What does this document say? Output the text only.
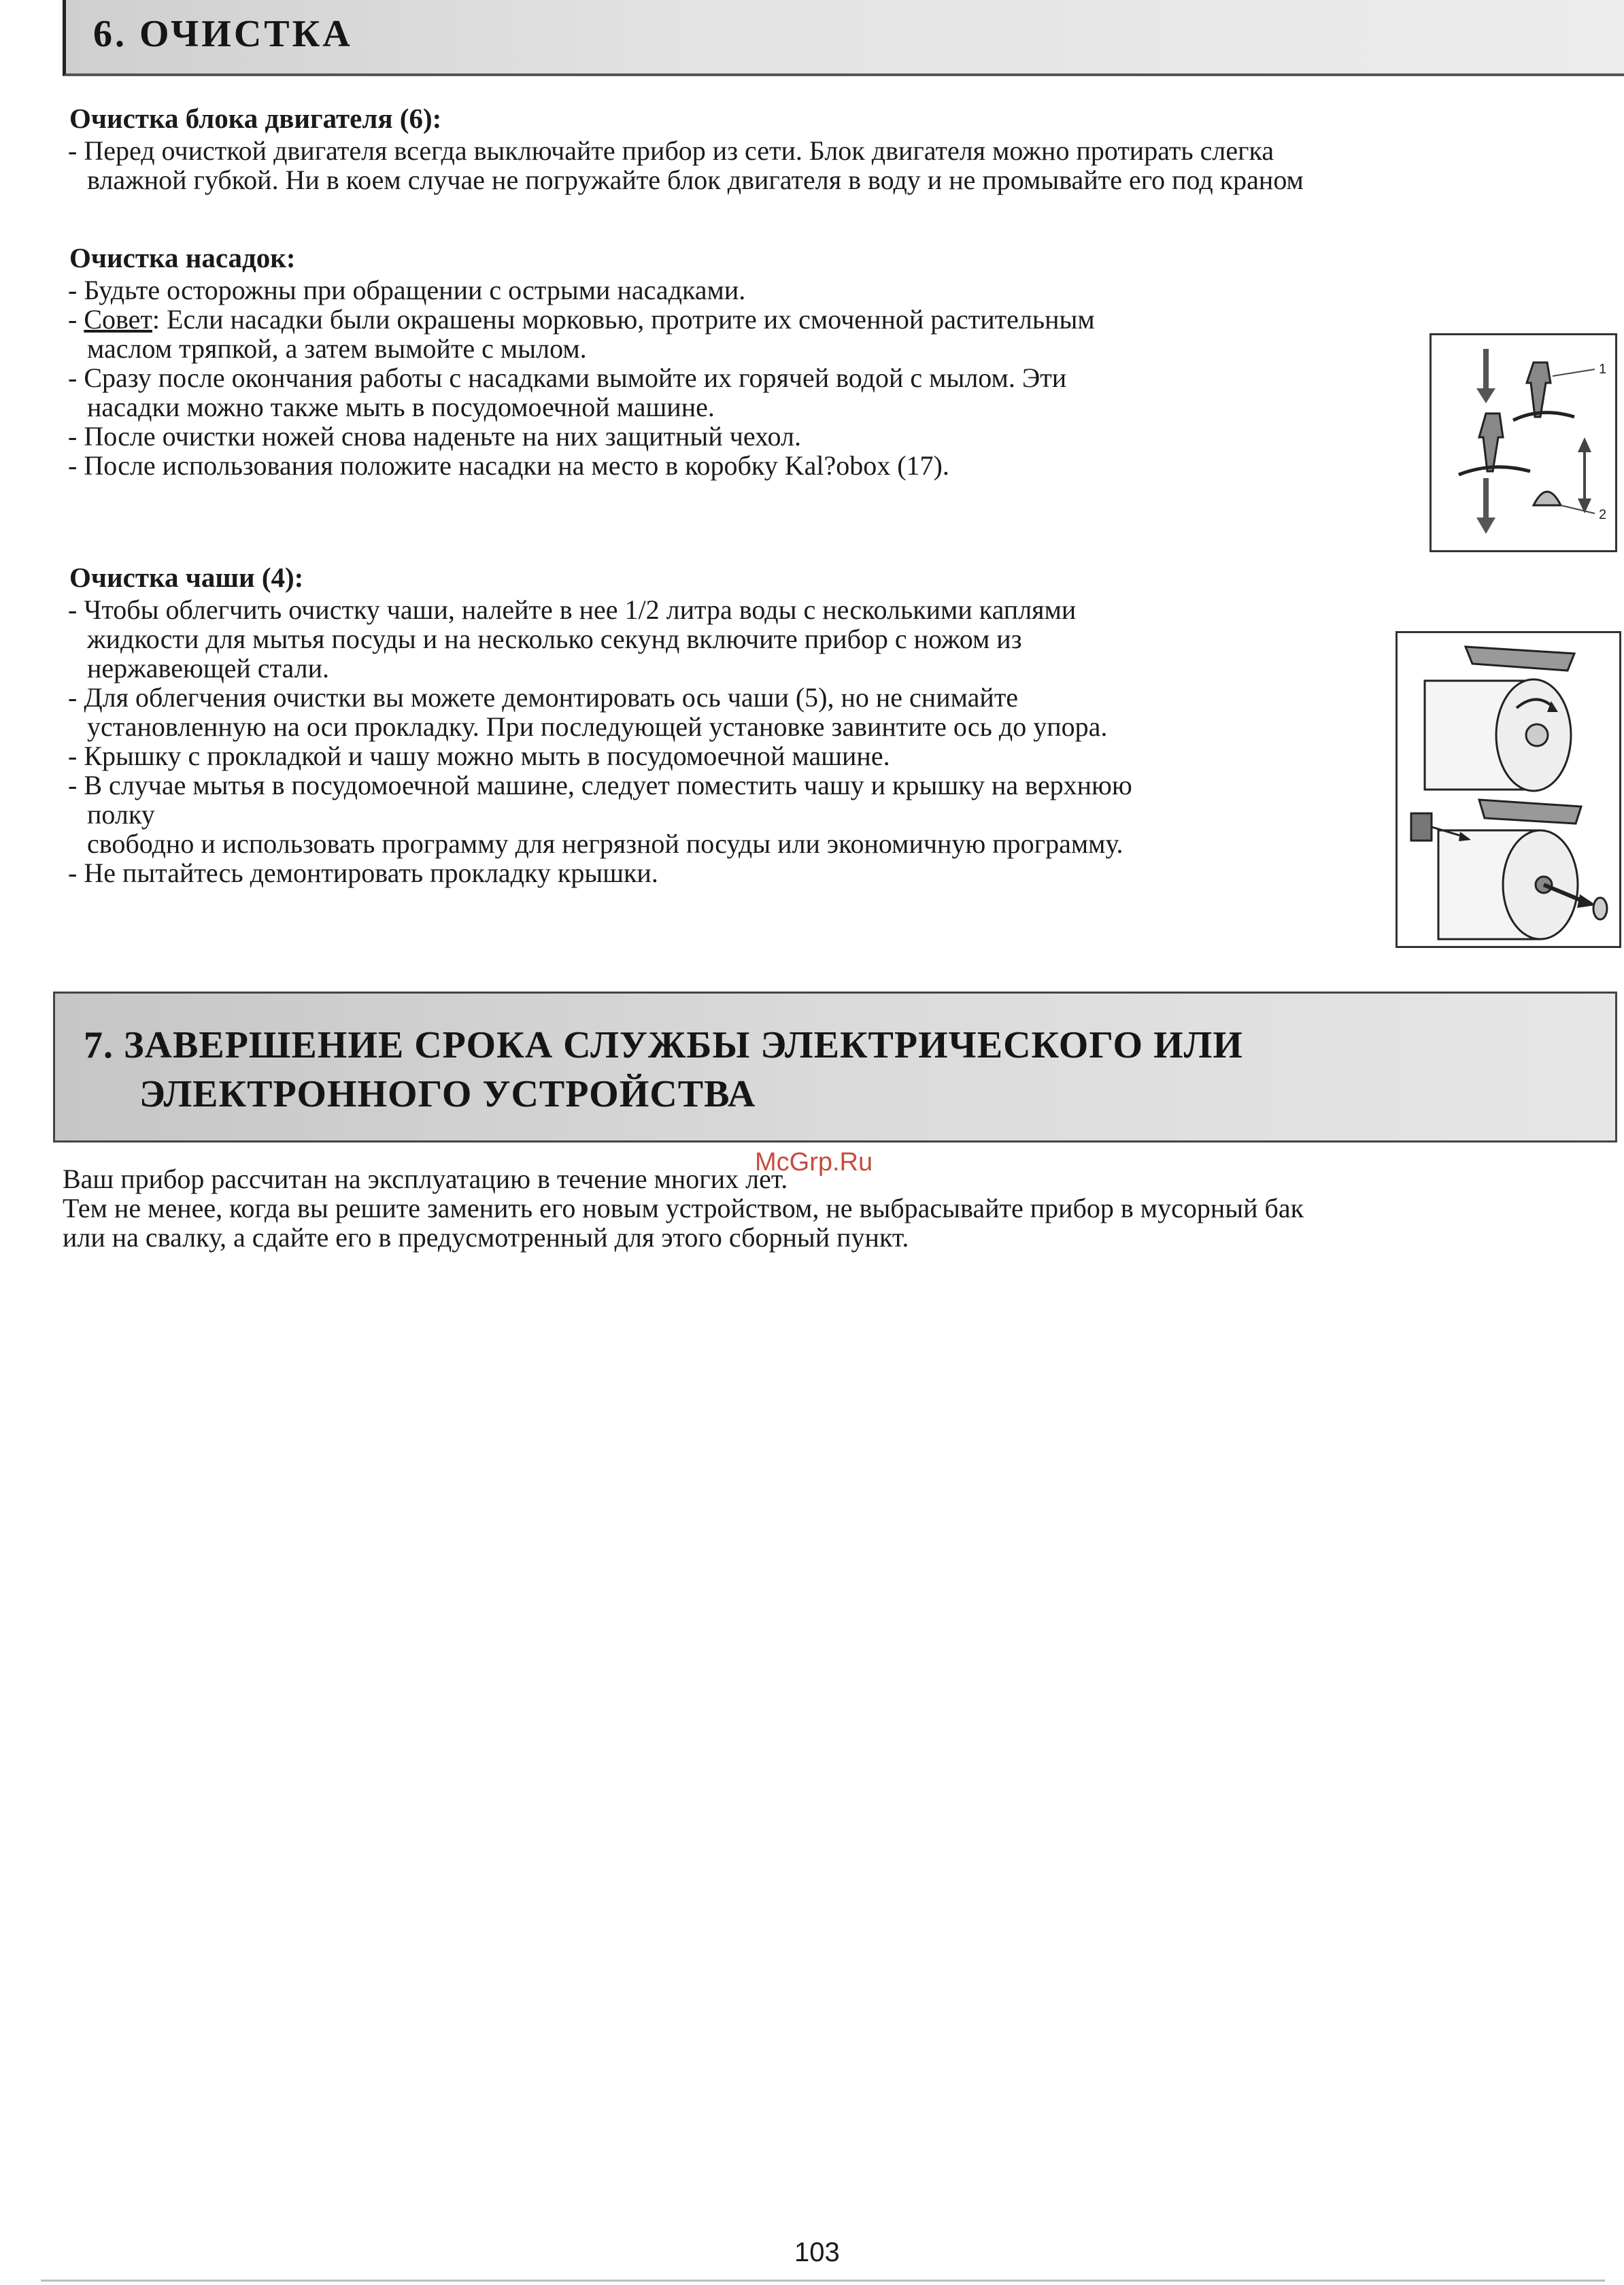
6. ОЧИСТКА
Очистка блока двигателя (6):

- Перед очисткой двигателя всегда выключайте прибор из сети. Блок двигателя можно протирать слегка

влажной губкой. Ни в коем случае не погружайте блок двигателя в воду и не промывайте его под краном

Очистка насадок:

- Будьте осторожны при обращении с острыми насадками.

- Совет: Если насадки были окрашены морковью, протрите их смоченной растительным

маслом тряпкой, а затем вымойте с мылом.

- Сразу после окончания работы с насадками вымойте их горячей водой с мылом. Эти

насадки можно также мыть в посудомоечной машине.

- После очистки ножей снова наденьте на них защитный чехол.

- После использования положите насадки на место в коробку Kal?obox (17).

1
2
Очистка чаши (4):

- Чтобы облегчить очистку чаши, налейте в нее 1/2 литра воды с несколькими каплями

жидкости для мытья посуды и на несколько секунд включите прибор с ножом из

нержавеющей стали.

- Для облегчения очистки вы можете демонтировать ось чаши (5), но не снимайте

установленную на оси прокладку. При последующей установке завинтите ось до упора.

- Крышку с прокладкой и чашу можно мыть в посудомоечной машине.

- В случае мытья в посудомоечной машине, следует поместить чашу и крышку на верхнюю

полку

свободно и использовать программу для негрязной посуды или экономичную программу.

- Не пытайтесь демонтировать прокладку крышки.

7. ЗАВЕРШЕНИЕ СРОКА СЛУЖБЫ ЭЛЕКТРИЧЕСКОГО ИЛИ
ЭЛЕКТРОННОГО УСТРОЙСТВА

Ваш прибор рассчитан на эксплуатацию в течение многих лет.

Тем не менее, когда вы решите заменить его новым устройством, не выбрасывайте прибор в мусорный бак

или на свалку, а сдайте его в предусмотренный для этого сборный пункт.

McGrp.Ru
103
